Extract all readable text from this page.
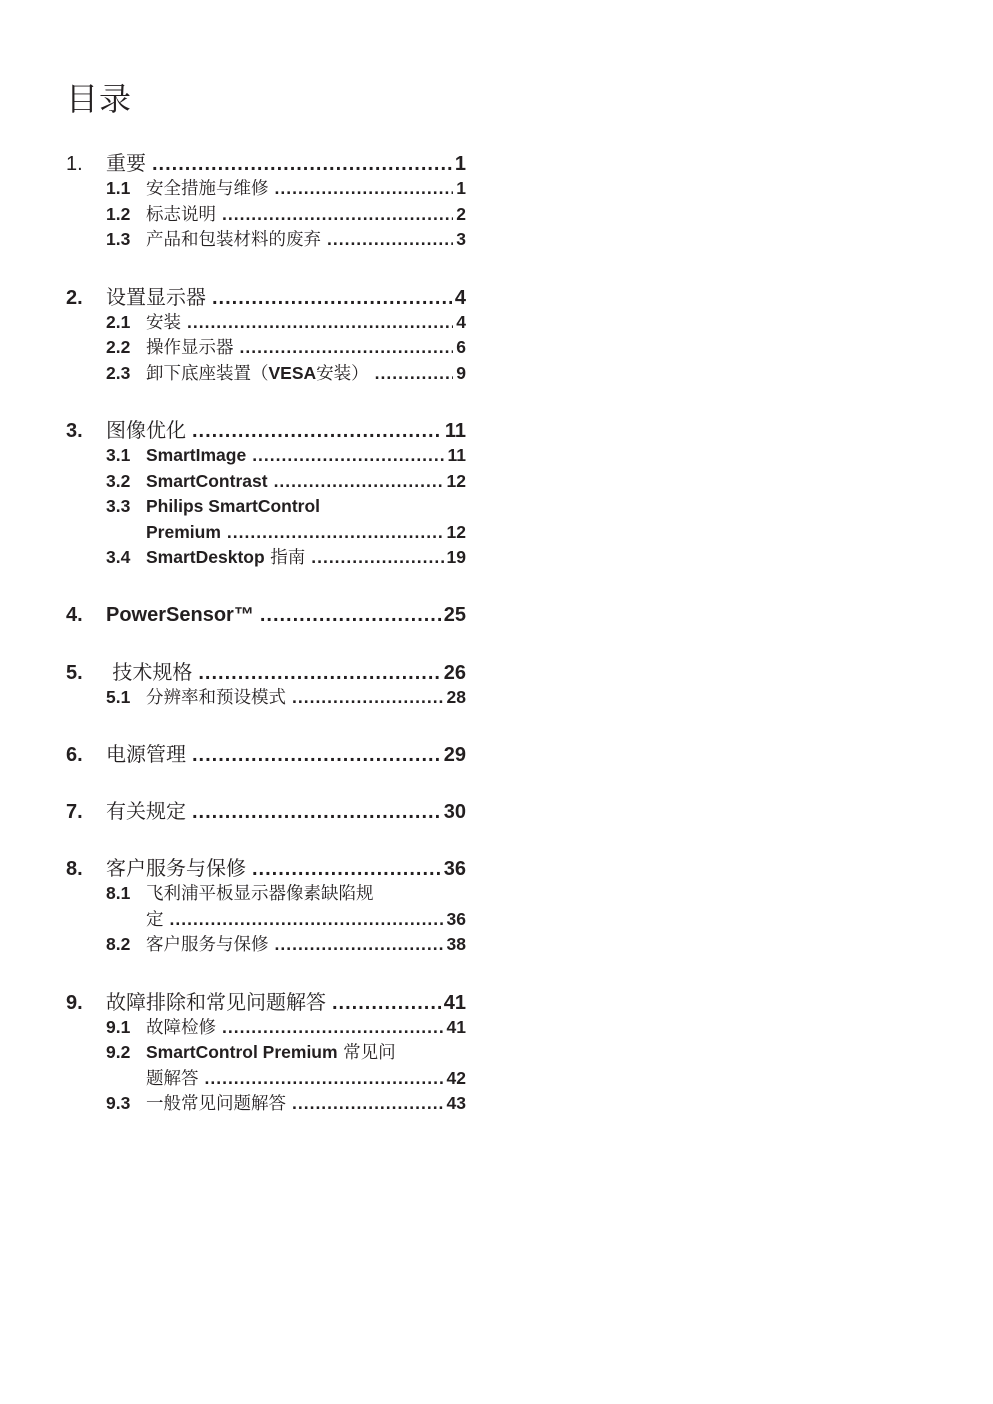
目录
1.	重要 .....	1
1.1 安全措施与维修 .....	1
1.2 标志说明 .....	2
1.3 产品和包装材料的废弃 .....	3
2.	设置显示器 .....	4
2.1 安装 .....	4
2.2 操作显示器 .....	6
2.3 卸下底座装置（VESA安装） .....	9
3.	图像优化 .....	11
3.1 SmartImage .....	11
3.2 SmartContrast .....	12
3.3 Philips SmartControl
Premium .....	12
3.4 SmartDesktop 指南 .....	19
4.	PowerSensor™ .....	25
5.	技术规格 .....	26
5.1 分辨率和预设模式 .....	28
6.	电源管理 .....	29
7.	有关规定 .....	30
8.	客户服务与保修 .....	36
8.1 飞利浦平板显示器像素缺陷规
定 .....	36
8.2 客户服务与保修 .....	38
9.	故障排除和常见问题解答 .....	41
9.1 故障检修 .....	41
9.2 SmartControl Premium 常见问
题解答 .....	42
9.3 一般常见问题解答 .....	43
